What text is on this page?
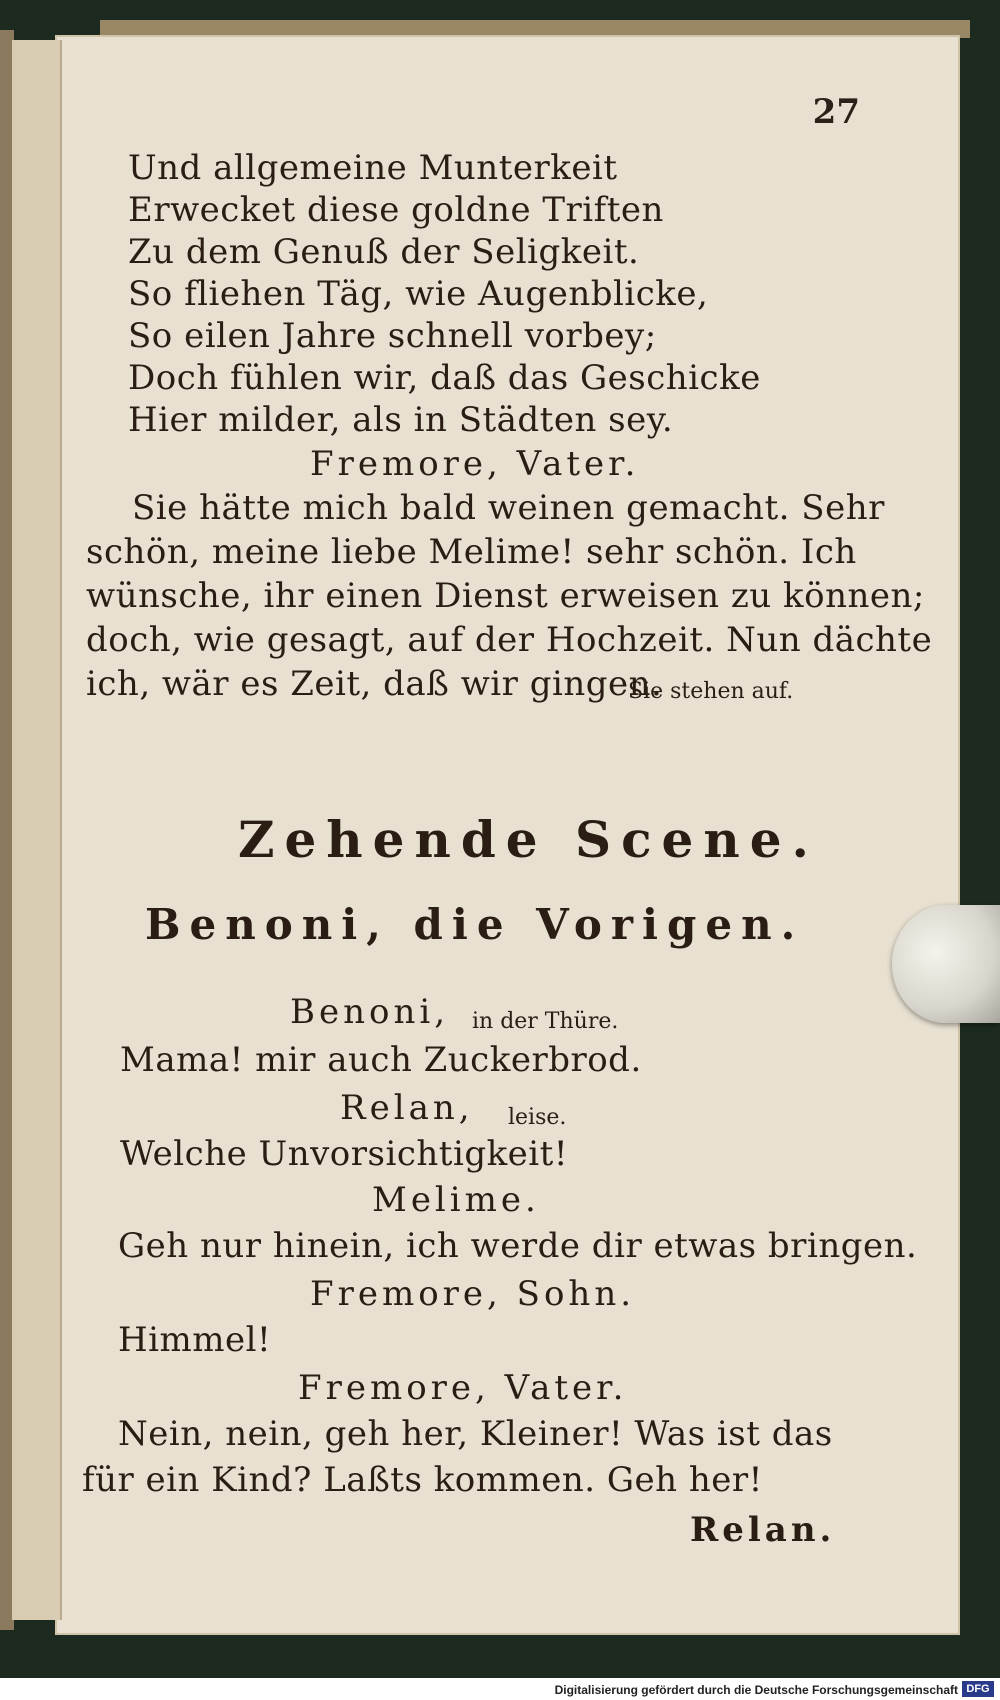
27
Und allgemeine Munterkeit
Erwecket diese goldne Triften
Zu dem Genuß der Seligkeit.
So fliehen Täg, wie Augenblicke,
So eilen Jahre schnell vorbey;
Doch fühlen wir, daß das Geschicke
Hier milder, als in Städten sey.
Fremore, Vater.
Sie hätte mich bald weinen gemacht. Sehr
schön, meine liebe Melime! sehr schön. Ich
wünsche, ihr einen Dienst erweisen zu können;
doch, wie gesagt, auf der Hochzeit. Nun dächte
ich, wär es Zeit, daß wir gingen.
Sie stehen auf.
Zehende Scene.
Benoni, die Vorigen.
Benoni, in der Thüre.
Mama! mir auch Zuckerbrod.
Relan, leise.
Welche Unvorsichtigkeit!
Melime.
Geh nur hinein, ich werde dir etwas bringen.
Fremore, Sohn.
Himmel!
Fremore, Vater.
Nein, nein, geh her, Kleiner! Was ist das
für ein Kind? Laßts kommen. Geh her!
Relan.
Digitalisierung gefördert durch die Deutsche Forschungsgemeinschaft DFG
